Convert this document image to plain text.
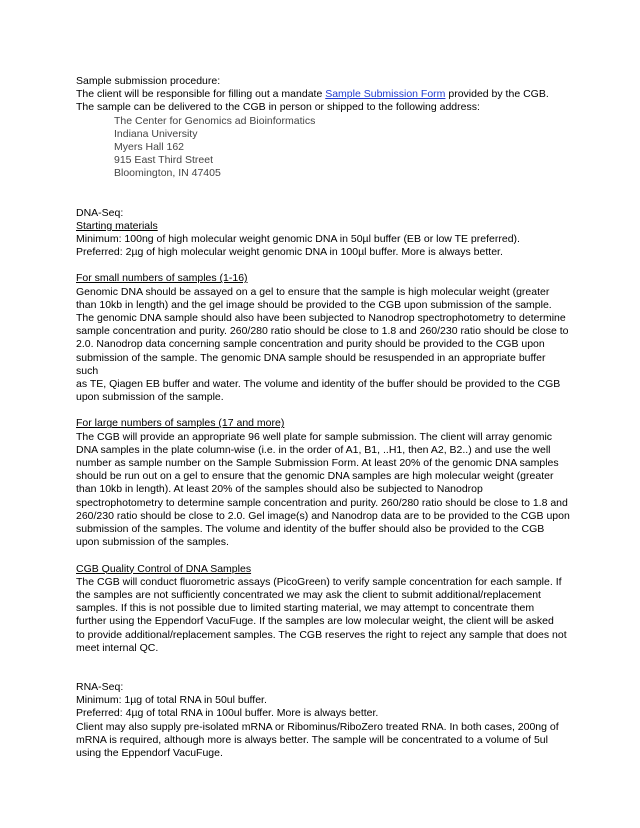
Sample submission procedure:

The client will be responsible for filling out a mandate Sample Submission Form provided by the CGB.

The sample can be delivered to the CGB in person or shipped to the following address:

The Center for Genomics ad Bioinformatics

Indiana University

Myers Hall 162

915 East Third Street

Bloomington, IN 47405

DNA-Seq:

Starting materials

Minimum: 100ng of high molecular weight genomic DNA in 50µl buffer (EB or low TE preferred).

Preferred: 2µg of high molecular weight genomic DNA in 100µl buffer. More is always better.

For small numbers of samples (1-16)

Genomic DNA should be assayed on a gel to ensure that the sample is high molecular weight (greater

than 10kb in length) and the gel image should be provided to the CGB upon submission of the sample.

The genomic DNA sample should also have been subjected to Nanodrop spectrophotometry to determine

sample concentration and purity. 260/280 ratio should be close to 1.8 and 260/230 ratio should be close to

2.0. Nanodrop data concerning sample concentration and purity should be provided to the CGB upon

submission of the sample. The genomic DNA sample should be resuspended in an appropriate buffer such

as TE, Qiagen EB buffer and water. The volume and identity of the buffer should be provided to the CGB

upon submission of the sample.

For large numbers of samples (17 and more)

The CGB will provide an appropriate 96 well plate for sample submission. The client will array genomic

DNA samples in the plate column-wise (i.e. in the order of A1, B1, ..H1, then A2, B2..) and use the well

number as sample number on the Sample Submission Form. At least 20% of the genomic DNA samples

should be run out on a gel to ensure that the genomic DNA samples are high molecular weight (greater

than 10kb in length). At least 20% of the samples should also be subjected to Nanodrop

spectrophotometry to determine sample concentration and purity. 260/280 ratio should be close to 1.8 and

260/230 ratio should be close to 2.0. Gel image(s) and Nanodrop data are to be provided to the CGB upon

submission of the samples. The volume and identity of the buffer should also be provided to the CGB

upon submission of the samples.

CGB Quality Control of DNA Samples

The CGB will conduct fluorometric assays (PicoGreen) to verify sample concentration for each sample. If

the samples are not sufficiently concentrated we may ask the client to submit additional/replacement

samples. If this is not possible due to limited starting material, we may attempt to concentrate them

further using the Eppendorf VacuFuge. If the samples are low molecular weight, the client will be asked

to provide additional/replacement samples. The CGB reserves the right to reject any sample that does not

meet internal QC.

RNA-Seq:

Minimum: 1µg of total RNA in 50ul buffer.

Preferred: 4µg of total RNA in 100ul buffer. More is always better.

Client may also supply pre-isolated mRNA or Ribominus/RiboZero treated RNA. In both cases, 200ng of

mRNA is required, although more is always better. The sample will be concentrated to a volume of 5ul

using the Eppendorf VacuFuge.
